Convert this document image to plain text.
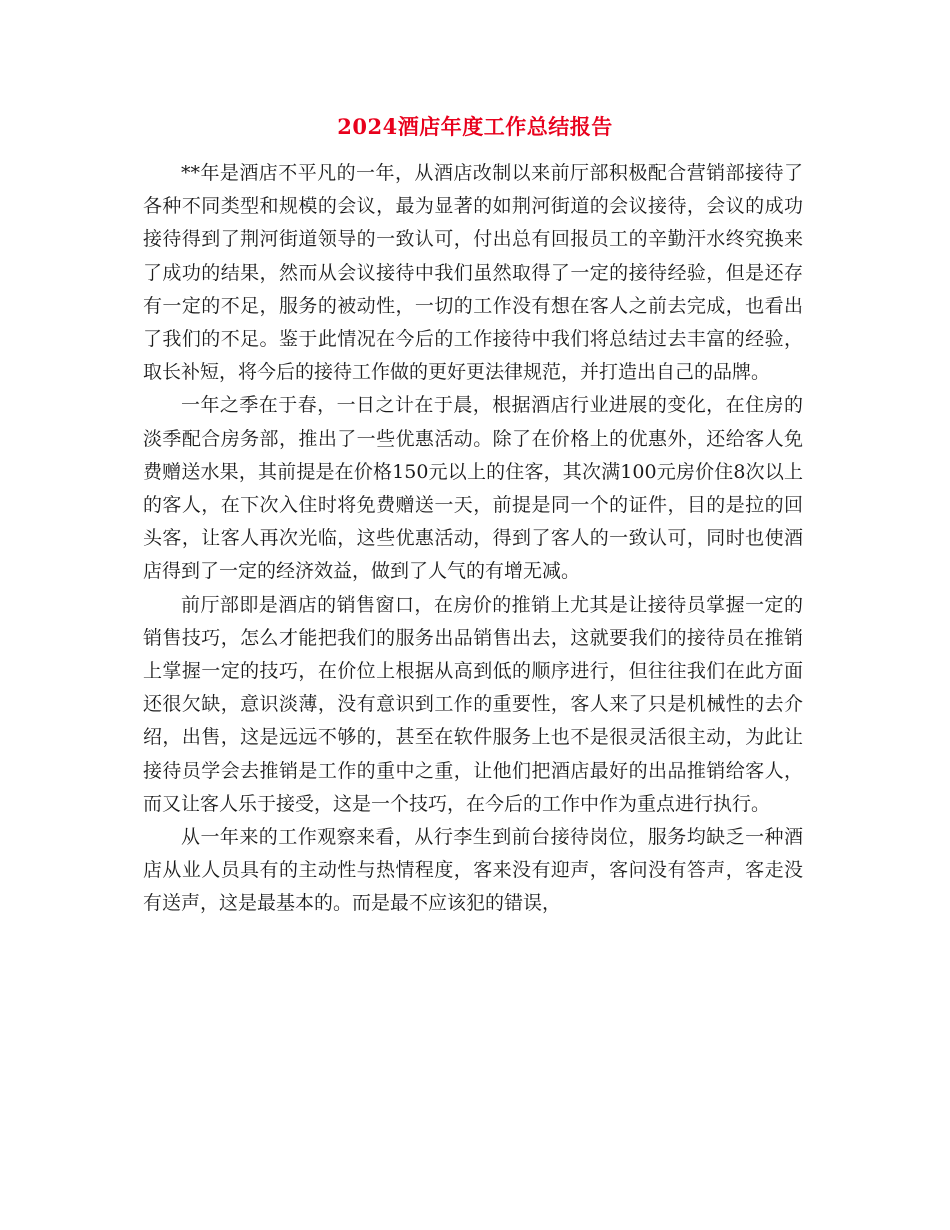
2024酒店年度工作总结报告

**年是酒店不平凡的一年，从酒店改制以来前厅部积极配合营销部接待了各种不同类型和规模的会议，最为显著的如荆河街道的会议接待，会议的成功接待得到了荆河街道领导的一致认可，付出总有回报员工的辛勤汗水终究换来了成功的结果，然而从会议接待中我们虽然取得了一定的接待经验，但是还存有一定的不足，服务的被动性，一切的工作没有想在客人之前去完成，也看出了我们的不足。鉴于此情况在今后的工作接待中我们将总结过去丰富的经验，取长补短，将今后的接待工作做的更好更法律规范，并打造出自己的品牌。

一年之季在于春，一日之计在于晨，根据酒店行业进展的变化，在住房的淡季配合房务部，推出了一些优惠活动。除了在价格上的优惠外，还给客人免费赠送水果，其前提是在价格150元以上的住客，其次满100元房价住8次以上的客人，在下次入住时将免费赠送一天，前提是同一个的证件，目的是拉的回头客，让客人再次光临，这些优惠活动，得到了客人的一致认可，同时也使酒店得到了一定的经济效益，做到了人气的有增无减。

前厅部即是酒店的销售窗口，在房价的推销上尤其是让接待员掌握一定的销售技巧，怎么才能把我们的服务出品销售出去，这就要我们的接待员在推销上掌握一定的技巧，在价位上根据从高到低的顺序进行，但往往我们在此方面还很欠缺，意识淡薄，没有意识到工作的重要性，客人来了只是机械性的去介绍，出售，这是远远不够的，甚至在软件服务上也不是很灵活很主动，为此让接待员学会去推销是工作的重中之重，让他们把酒店最好的出品推销给客人，而又让客人乐于接受，这是一个技巧，在今后的工作中作为重点进行执行。

从一年来的工作观察来看，从行李生到前台接待岗位，服务均缺乏一种酒店从业人员具有的主动性与热情程度，客来没有迎声，客问没有答声，客走没有送声，这是最基本的。而是最不应该犯的错误，
